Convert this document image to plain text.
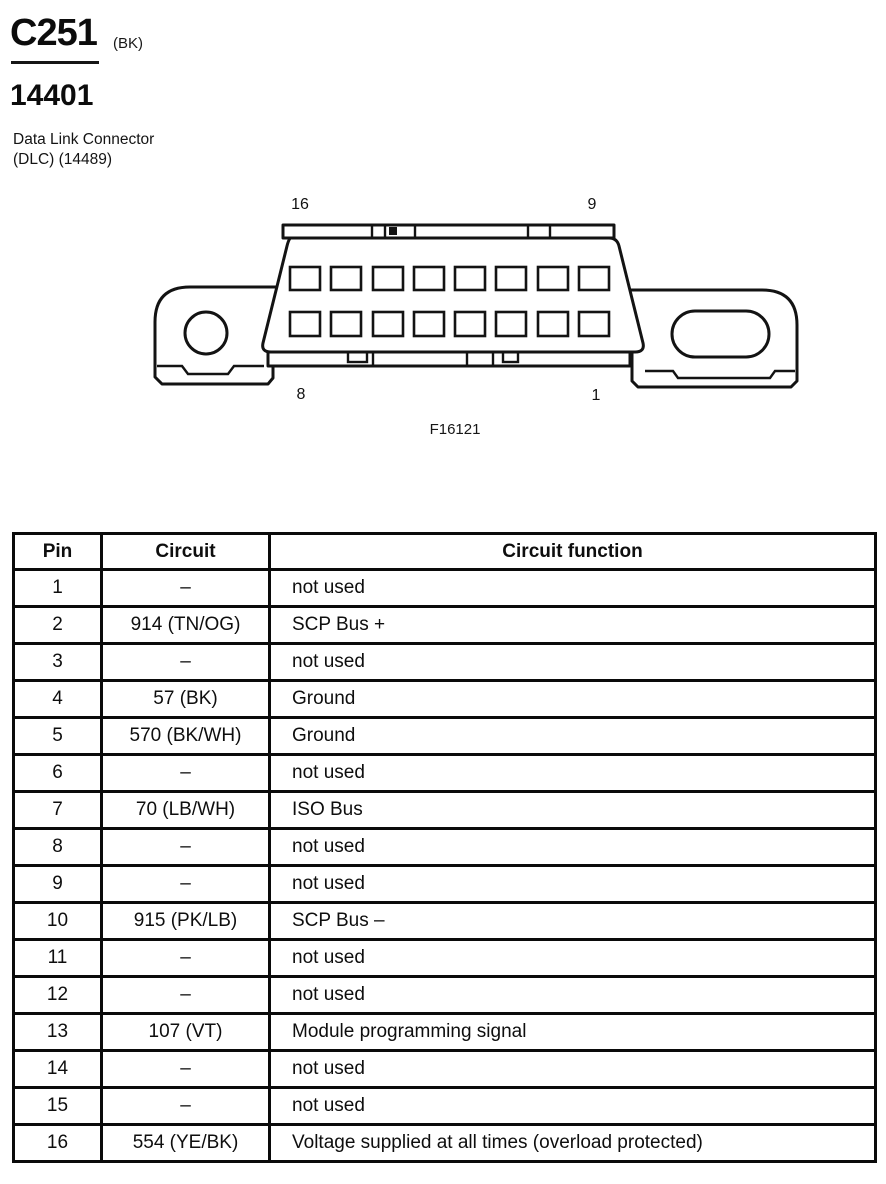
C251 (BK)
14401
Data Link Connector
(DLC) (14489)
16	9
8	1
F16121
Pin	Circuit	Circuit function
1	–	not used
2	914 (TN/OG)	SCP Bus +
3	–	not used
4	57 (BK)	Ground
5	570 (BK/WH)	Ground
6	–	not used
7	70 (LB/WH)	ISO Bus
8	–	not used
9	–	not used
10	915 (PK/LB)	SCP Bus –
11	–	not used
12	–	not used
13	107 (VT)	Module programming signal
14	–	not used
15	–	not used
16	554 (YE/BK)	Voltage supplied at all times (overload protected)
